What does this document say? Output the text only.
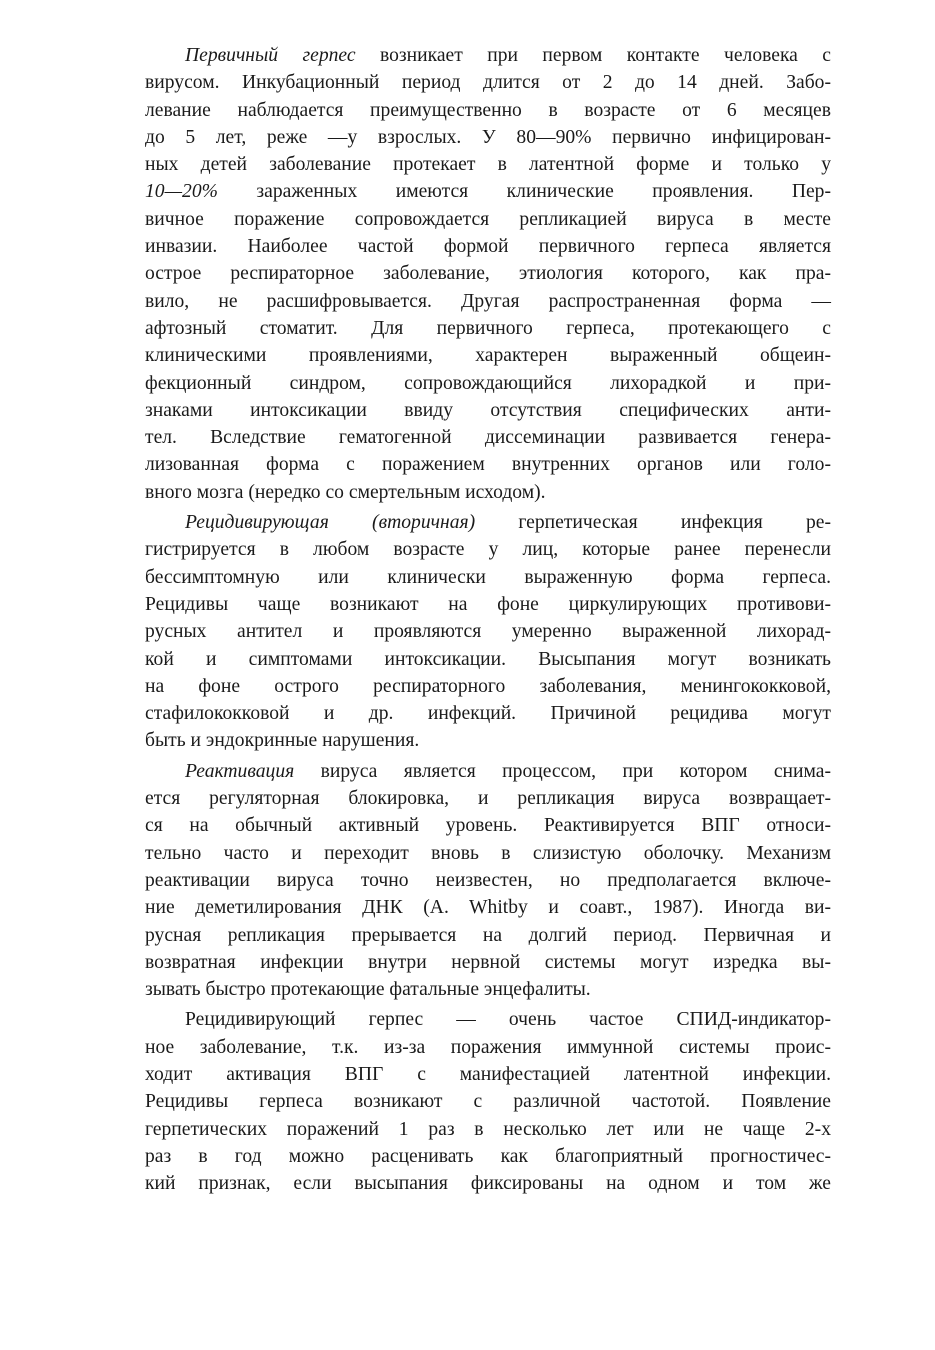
Первичный герпес возникает при первом контакте человека с
вирусом. Инкубационный период длится от 2 до 14 дней. Забо-
левание наблюдается преимущественно в возрасте от 6 месяцев
до 5 лет, реже —у взрослых. У 80—90% первично инфицирован-
ных детей заболевание протекает в латентной форме и только у
10—20% зараженных имеются клинические проявления. Пер-
вичное поражение сопровождается репликацией вируса в месте
инвазии. Наиболее частой формой первичного герпеса является
острое респираторное заболевание, этиология которого, как пра-
вило, не расшифровывается. Другая распространенная форма —
афтозный стоматит. Для первичного герпеса, протекающего с
клиническими проявлениями, характерен выраженный общеин-
фекционный синдром, сопровождающийся лихорадкой и при-
знаками интоксикации ввиду отсутствия специфических анти-
тел. Вследствие гематогенной диссеминации развивается генера-
лизованная форма с поражением внутренних органов или голо-
вного мозга (нередко со смертельным исходом).
Рецидивирующая (вторичная) герпетическая инфекция ре-
гистрируется в любом возрасте у лиц, которые ранее перенесли
бессимптомную или клинически выраженную форма герпеса.
Рецидивы чаще возникают на фоне циркулирующих противови-
русных антител и проявляются умеренно выраженной лихорад-
кой и симптомами интоксикации. Высыпания могут возникать
на фоне острого респираторного заболевания, менингококковой,
стафилококковой и др. инфекций. Причиной рецидива могут
быть и эндокринные нарушения.
Реактивация вируса является процессом, при котором снима-
ется регуляторная блокировка, и репликация вируса возвращает-
ся на обычный активный уровень. Реактивируется ВПГ относи-
тельно часто и переходит вновь в слизистую оболочку. Механизм
реактивации вируса точно неизвестен, но предполагается включе-
ние деметилирования ДНК (A. Whitby и соавт., 1987). Иногда ви-
русная репликация прерывается на долгий период. Первичная и
возвратная инфекции внутри нервной системы могут изредка вы-
зывать быстро протекающие фатальные энцефалиты.
Рецидивирующий герпес — очень частое СПИД-индикатор-
ное заболевание, т.к. из-за поражения иммунной системы проис-
ходит активация ВПГ с манифестацией латентной инфекции.
Рецидивы герпеса возникают с различной частотой. Появление
герпетических поражений 1 раз в несколько лет или не чаще 2-х
раз в год можно расценивать как благоприятный прогностичес-
кий признак, если высыпания фиксированы на одном и том же
